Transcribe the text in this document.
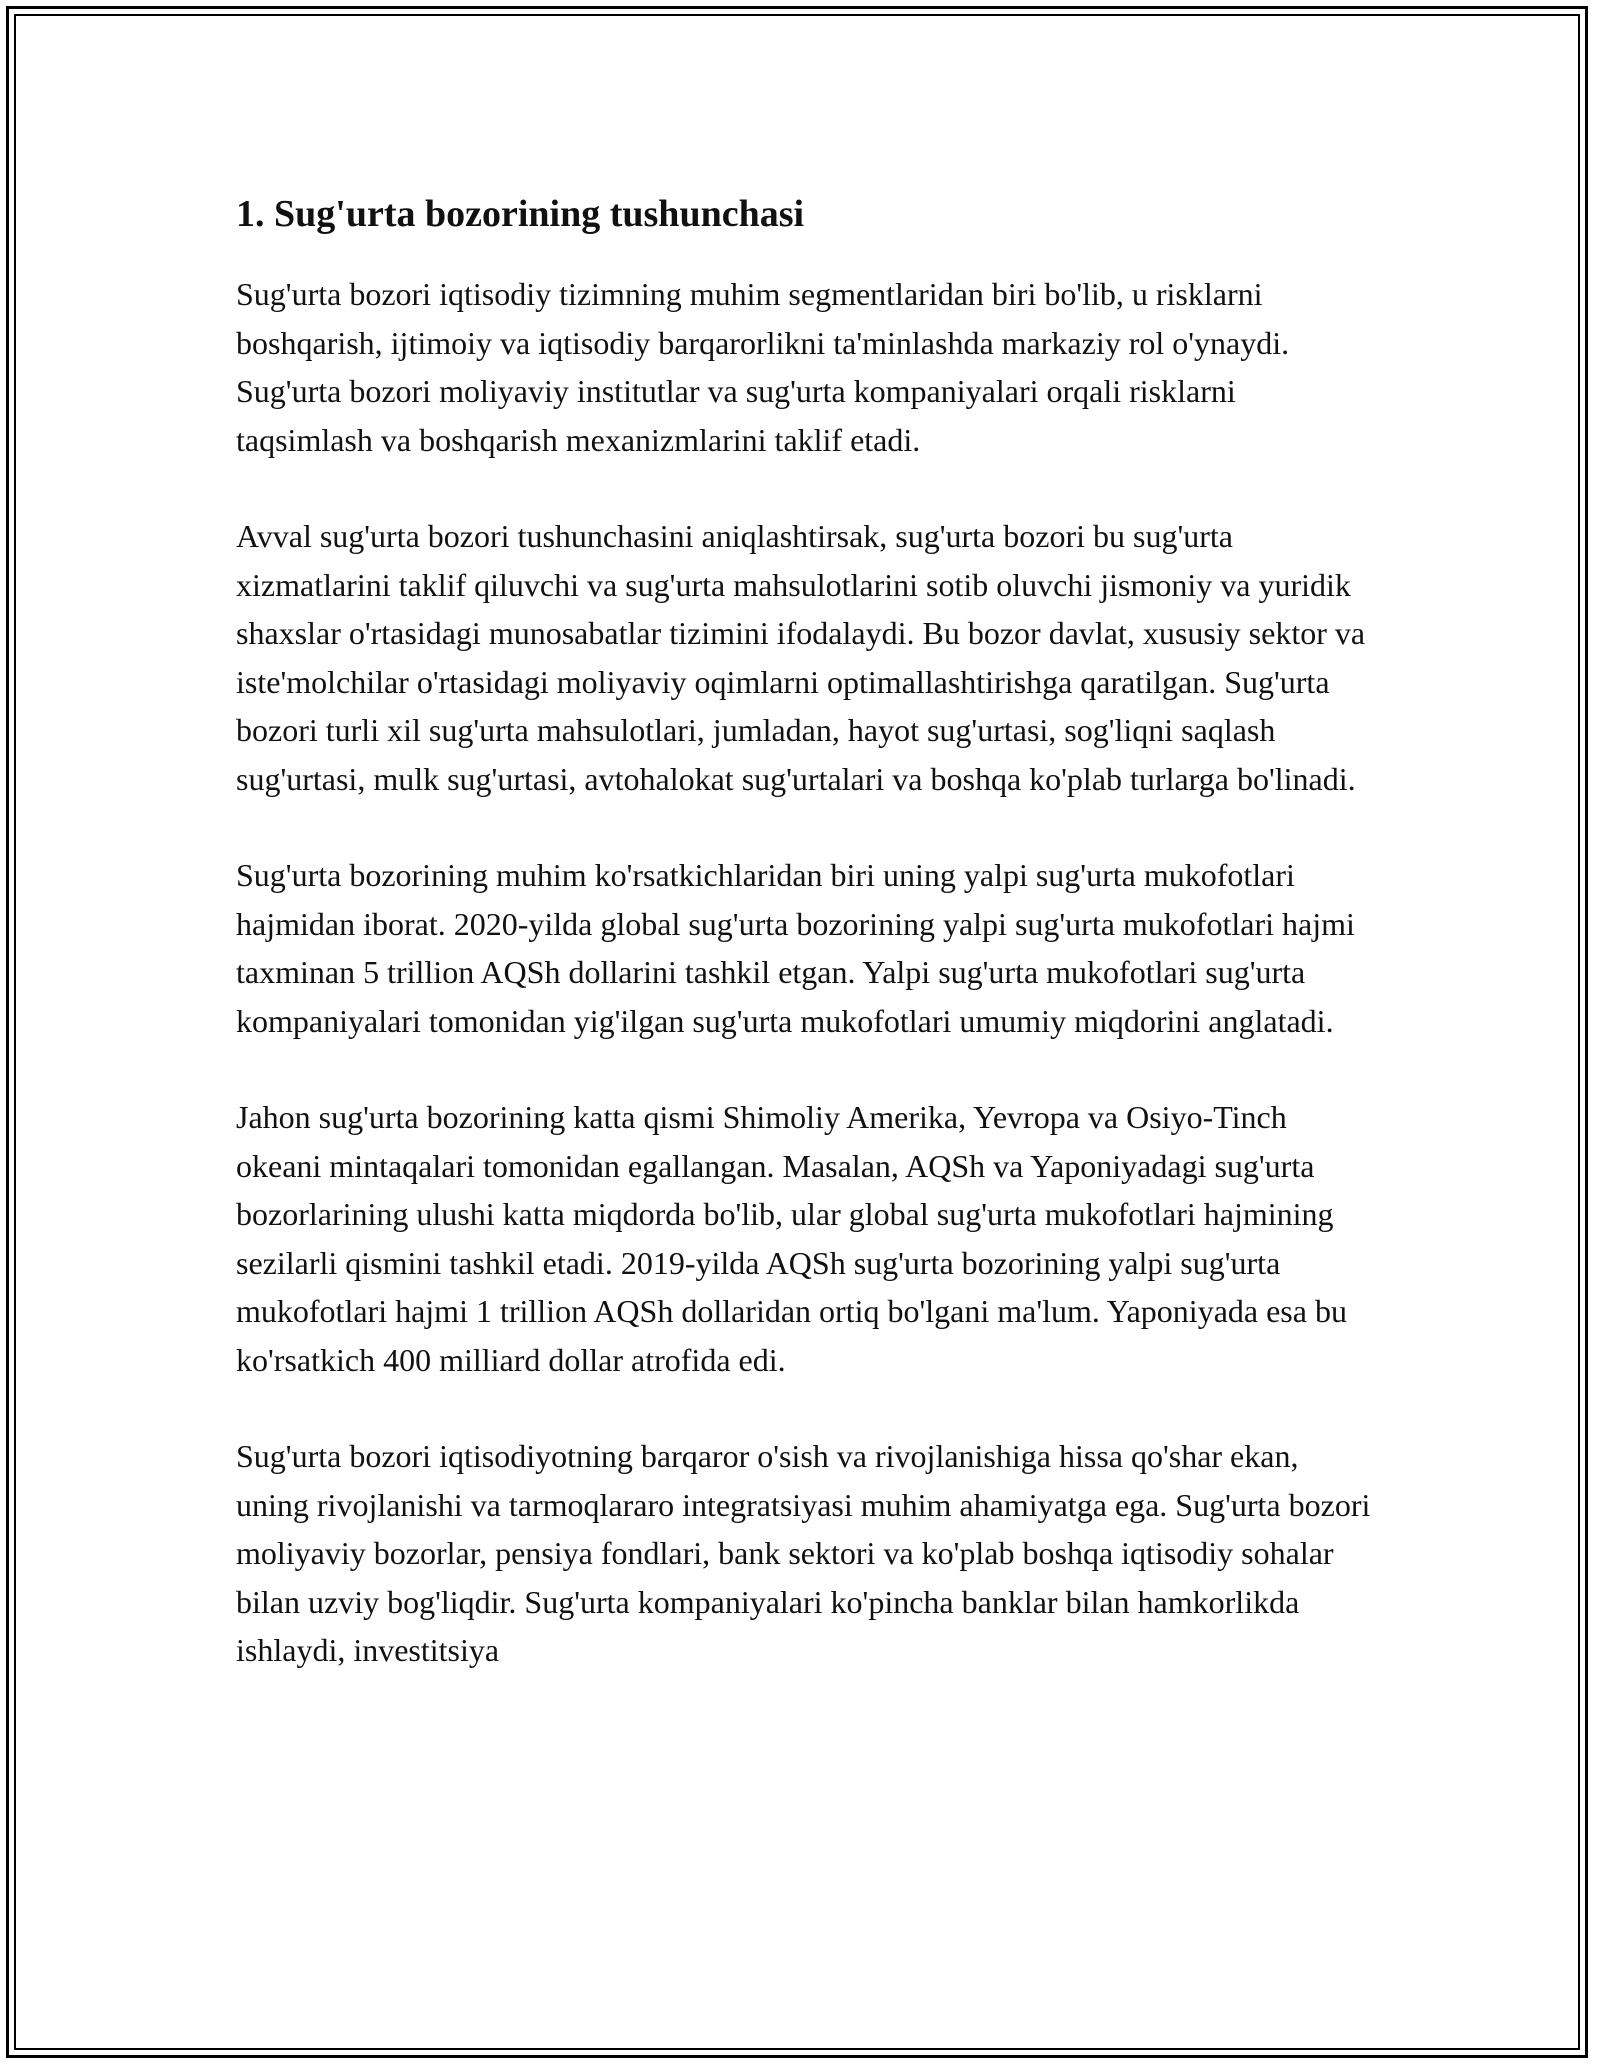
1. Sug'urta bozorining tushunchasi

Sug'urta bozori iqtisodiy tizimning muhim segmentlaridan biri bo'lib, u risklarni boshqarish, ijtimoiy va iqtisodiy barqarorlikni ta'minlashda markaziy rol o'ynaydi. Sug'urta bozori moliyaviy institutlar va sug'urta kompaniyalari orqali risklarni taqsimlash va boshqarish mexanizmlarini taklif etadi.

Avval sug'urta bozori tushunchasini aniqlashtirsak, sug'urta bozori bu sug'urta xizmatlarini taklif qiluvchi va sug'urta mahsulotlarini sotib oluvchi jismoniy va yuridik shaxslar o'rtasidagi munosabatlar tizimini ifodalaydi. Bu bozor davlat, xususiy sektor va iste'molchilar o'rtasidagi moliyaviy oqimlarni optimallashtirishga qaratilgan. Sug'urta bozori turli xil sug'urta mahsulotlari, jumladan, hayot sug'urtasi, sog'liqni saqlash sug'urtasi, mulk sug'urtasi, avtohalokat sug'urtalari va boshqa ko'plab turlarga bo'linadi.

Sug'urta bozorining muhim ko'rsatkichlaridan biri uning yalpi sug'urta mukofotlari hajmidan iborat. 2020-yilda global sug'urta bozorining yalpi sug'urta mukofotlari hajmi taxminan 5 trillion AQSh dollarini tashkil etgan. Yalpi sug'urta mukofotlari sug'urta kompaniyalari tomonidan yig'ilgan sug'urta mukofotlari umumiy miqdorini anglatadi.

Jahon sug'urta bozorining katta qismi Shimoliy Amerika, Yevropa va Osiyo-Tinch okeani mintaqalari tomonidan egallangan. Masalan, AQSh va Yaponiyadagi sug'urta bozorlarining ulushi katta miqdorda bo'lib, ular global sug'urta mukofotlari hajmining sezilarli qismini tashkil etadi. 2019-yilda AQSh sug'urta bozorining yalpi sug'urta mukofotlari hajmi 1 trillion AQSh dollaridan ortiq bo'lgani ma'lum. Yaponiyada esa bu ko'rsatkich 400 milliard dollar atrofida edi.

Sug'urta bozori iqtisodiyotning barqaror o'sish va rivojlanishiga hissa qo'shar ekan, uning rivojlanishi va tarmoqlararo integratsiyasi muhim ahamiyatga ega. Sug'urta bozori moliyaviy bozorlar, pensiya fondlari, bank sektori va ko'plab boshqa iqtisodiy sohalar bilan uzviy bog'liqdir. Sug'urta kompaniyalari ko'pincha banklar bilan hamkorlikda ishlaydi, investitsiya
